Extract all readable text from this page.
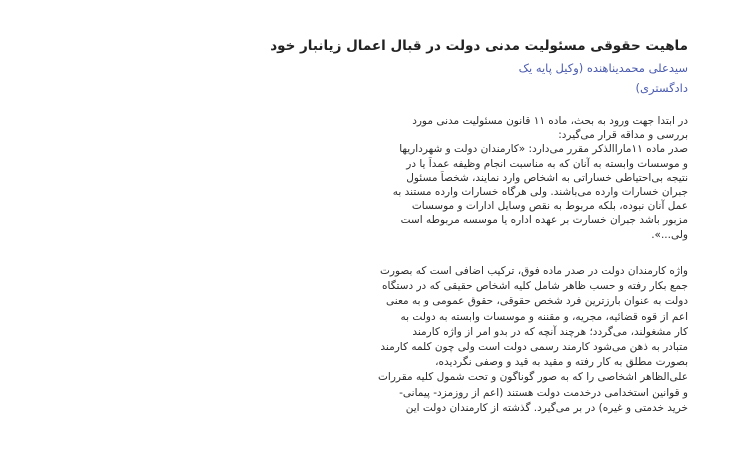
ماهیت حقوقی مسئولیت مدنی دولت در قبال اعمال زیانبار خود
سیدعلی محمدیناهنده (وکیل پایه یک
دادگستری)
در ابتدا جهت ورود به بحث، ماده ۱۱ قانون مسئولیت مدنی مورد
بررسی و مداقه قرار می‌گیرد:
صدر ماده ۱۱ماراالذکر مقرر می‌دارد: «کارمندان دولت و شهرداریها
و موسسات وابسته به آنان که به مناسبت انجام وظیفه عمداً یا در
نتیجه بی‌احتیاطی خساراتی به اشخاص وارد نمایند، شخصاً مسئول
جبران خسارات وارده می‌باشند. ولی هرگاه خسارات وارده مستند به
عمل آنان نبوده، بلکه مربوط به نقص وسایل ادارات و موسسات
مزبور باشد جبران خسارت بر عهده اداره یا موسسه مربوطه است
ولی...».
واژه کارمندان دولت در صدر ماده فوق، ترکیب اضافی است که بصورت
جمع بکار رفته و حسب ظاهر شامل کلیه اشخاص حقیقی که در دستگاه
دولت به عنوان بارزترین فرد شخص حقوقی، حقوق عمومی و به معنی
اعم از قوه قضائیه، مجریه، و مقننه و موسسات وابسته به دولت به
کار مشغولند، می‌گردد؛ هرچند آنچه که در بدو امر از واژه کارمند
متبادر به ذهن می‌شود کارمند رسمی دولت است ولی چون کلمه کارمند
بصورت مطلق به کار رفته و مقید به قید و وصفی نگردیده،
علی‌الظاهر اشخاصی را که به صور گوناگون و تحت شمول کلیه مقررات
و قوانین استخدامی درخدمت دولت هستند (اعم از روزمزد- پیمانی-
خرید خدمتی و غیره) در بر می‌گیرد. گذشته از کارمندان دولت این
